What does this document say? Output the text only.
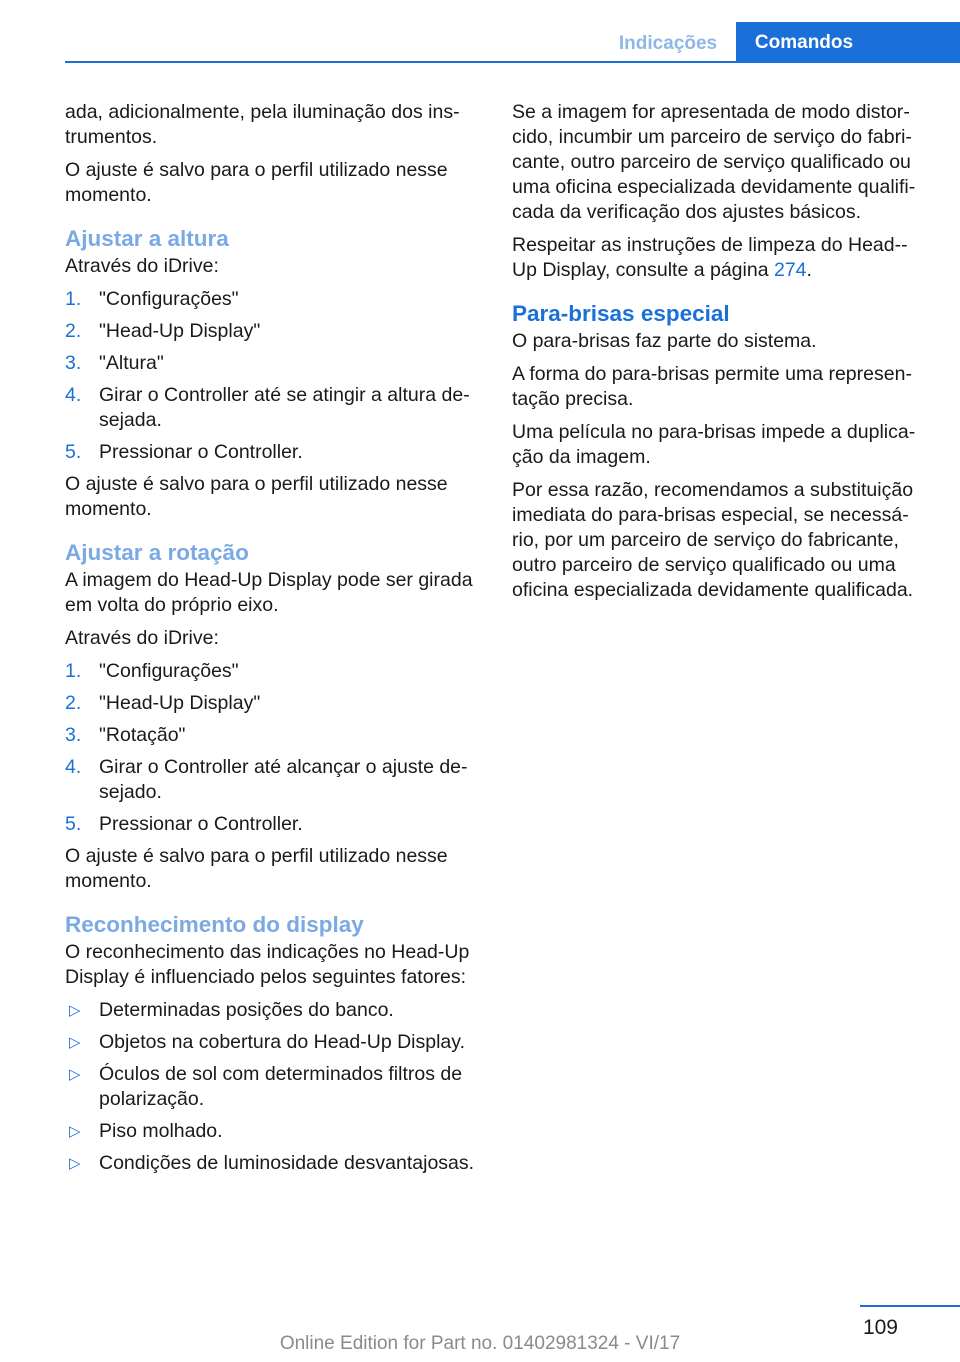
Indicações	Comandos

ada, adicionalmente, pela iluminação dos instrumentos.

O ajuste é salvo para o perfil utilizado nesse momento.

Ajustar a altura

Através do iDrive:

1. "Configurações"
2. "Head-Up Display"
3. "Altura"
4. Girar o Controller até se atingir a altura desejada.
5. Pressionar o Controller.

O ajuste é salvo para o perfil utilizado nesse momento.

Ajustar a rotação

A imagem do Head-Up Display pode ser girada em volta do próprio eixo.

Através do iDrive:

1. "Configurações"
2. "Head-Up Display"
3. "Rotação"
4. Girar o Controller até alcançar o ajuste desejado.
5. Pressionar o Controller.

O ajuste é salvo para o perfil utilizado nesse momento.

Reconhecimento do display

O reconhecimento das indicações no Head-Up Display é influenciado pelos seguintes fatores:

▷ Determinadas posições do banco.
▷ Objetos na cobertura do Head-Up Display.
▷ Óculos de sol com determinados filtros de polarização.
▷ Piso molhado.
▷ Condições de luminosidade desvantajosas.

Se a imagem for apresentada de modo distorcido, incumbir um parceiro de serviço do fabricante, outro parceiro de serviço qualificado ou uma oficina especializada devidamente qualificada da verificação dos ajustes básicos.

Respeitar as instruções de limpeza do Head-Up Display, consulte a página 274.

Para-brisas especial

O para-brisas faz parte do sistema.

A forma do para-brisas permite uma representação precisa.

Uma película no para-brisas impede a duplicação da imagem.

Por essa razão, recomendamos a substituição imediata do para-brisas especial, se necessário, por um parceiro de serviço do fabricante, outro parceiro de serviço qualificado ou uma oficina especializada devidamente qualificada.

109
Online Edition for Part no. 01402981324 - VI/17
